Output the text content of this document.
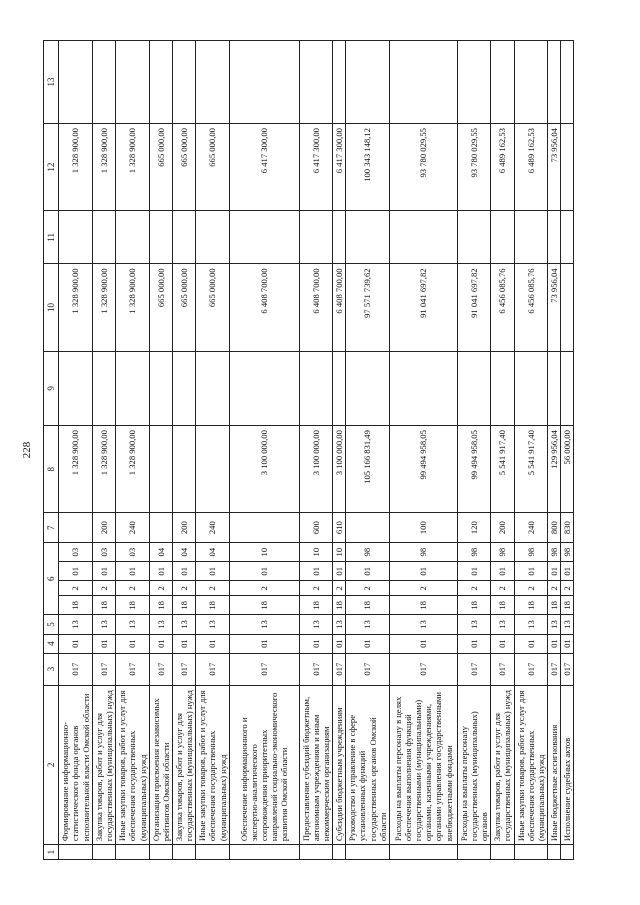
228
1	2	3	4	5	6				7	8	9	10	11	12	13
	Формирование информационно-статистического фонда органов исполнительной власти Омской области	017	01	13	18	2	01	03		1 328 900,00		1 328 900,00		1 328 900,00	
	Закупка товаров, работ и услуг для государственных (муниципальных) нужд	017	01	13	18	2	01	03	200	1 328 900,00		1 328 900,00		1 328 900,00	
	Иные закупки товаров, работ и услуг для обеспечения государственных (муниципальных) нужд	017	01	13	18	2	01	03	240	1 328 900,00		1 328 900,00		1 328 900,00	
	Организация присвоения независимых рейтингов Омской области	017	01	13	18	2	01	04				665 000,00		665 000,00	
	Закупка товаров, работ и услуг для государственных (муниципальных) нужд	017	01	13	18	2	01	04	200			665 000,00		665 000,00	
	Иные закупки товаров, работ и услуг для обеспечения государственных (муниципальных) нужд	017	01	13	18	2	01	04	240			665 000,00		665 000,00	
	Обеспечение информационного и экспертно-аналитического сопровождения приоритетных направлений социально-экономического развития Омской области	017	01	13	18	2	01	10		3 100 000,00		6 408 700,00		6 417 300,00	
	Предоставление субсидий бюджетным, автономным учреждениям и иным некоммерческим организациям	017	01	13	18	2	01	10	600	3 100 000,00		6 408 700,00		6 417 300,00	
	Субсидии бюджетным учреждениям	017	01	13	18	2	01	10	610	3 100 000,00		6 408 700,00		6 417 300,00	
	Руководство и управление в сфере установленных функций государственных органов Омской области	017	01	13	18	2	01	98		105 166 831,49		97 571 739,62		100 343 148,12	
	Расходы на выплаты персоналу в целях обеспечения выполнения функций государственными (муниципальными) органами, казенными учреждениями, органами управления государственными внебюджетными фондами	017	01	13	18	2	01	98	100	99 494 958,05		91 041 697,82		93 780 029,55	
	Расходы на выплаты персоналу государственных (муниципальных) органов	017	01	13	18	2	01	98	120	99 494 958,05		91 041 697,82		93 780 029,55	
	Закупка товаров, работ и услуг для государственных (муниципальных) нужд	017	01	13	18	2	01	98	200	5 541 917,40		6 456 085,76		6 489 162,53	
	Иные закупки товаров, работ и услуг для обеспечения государственных (муниципальных) нужд	017	01	13	18	2	01	98	240	5 541 917,40		6 456 085,76		6 489 162,53	
	Иные бюджетные ассигнования	017	01	13	18	2	01	98	800	129 956,04		73 956,04		73 956,04	
	Исполнение судебных актов	017	01	13	18	2	01	98	830	56 000,00					
